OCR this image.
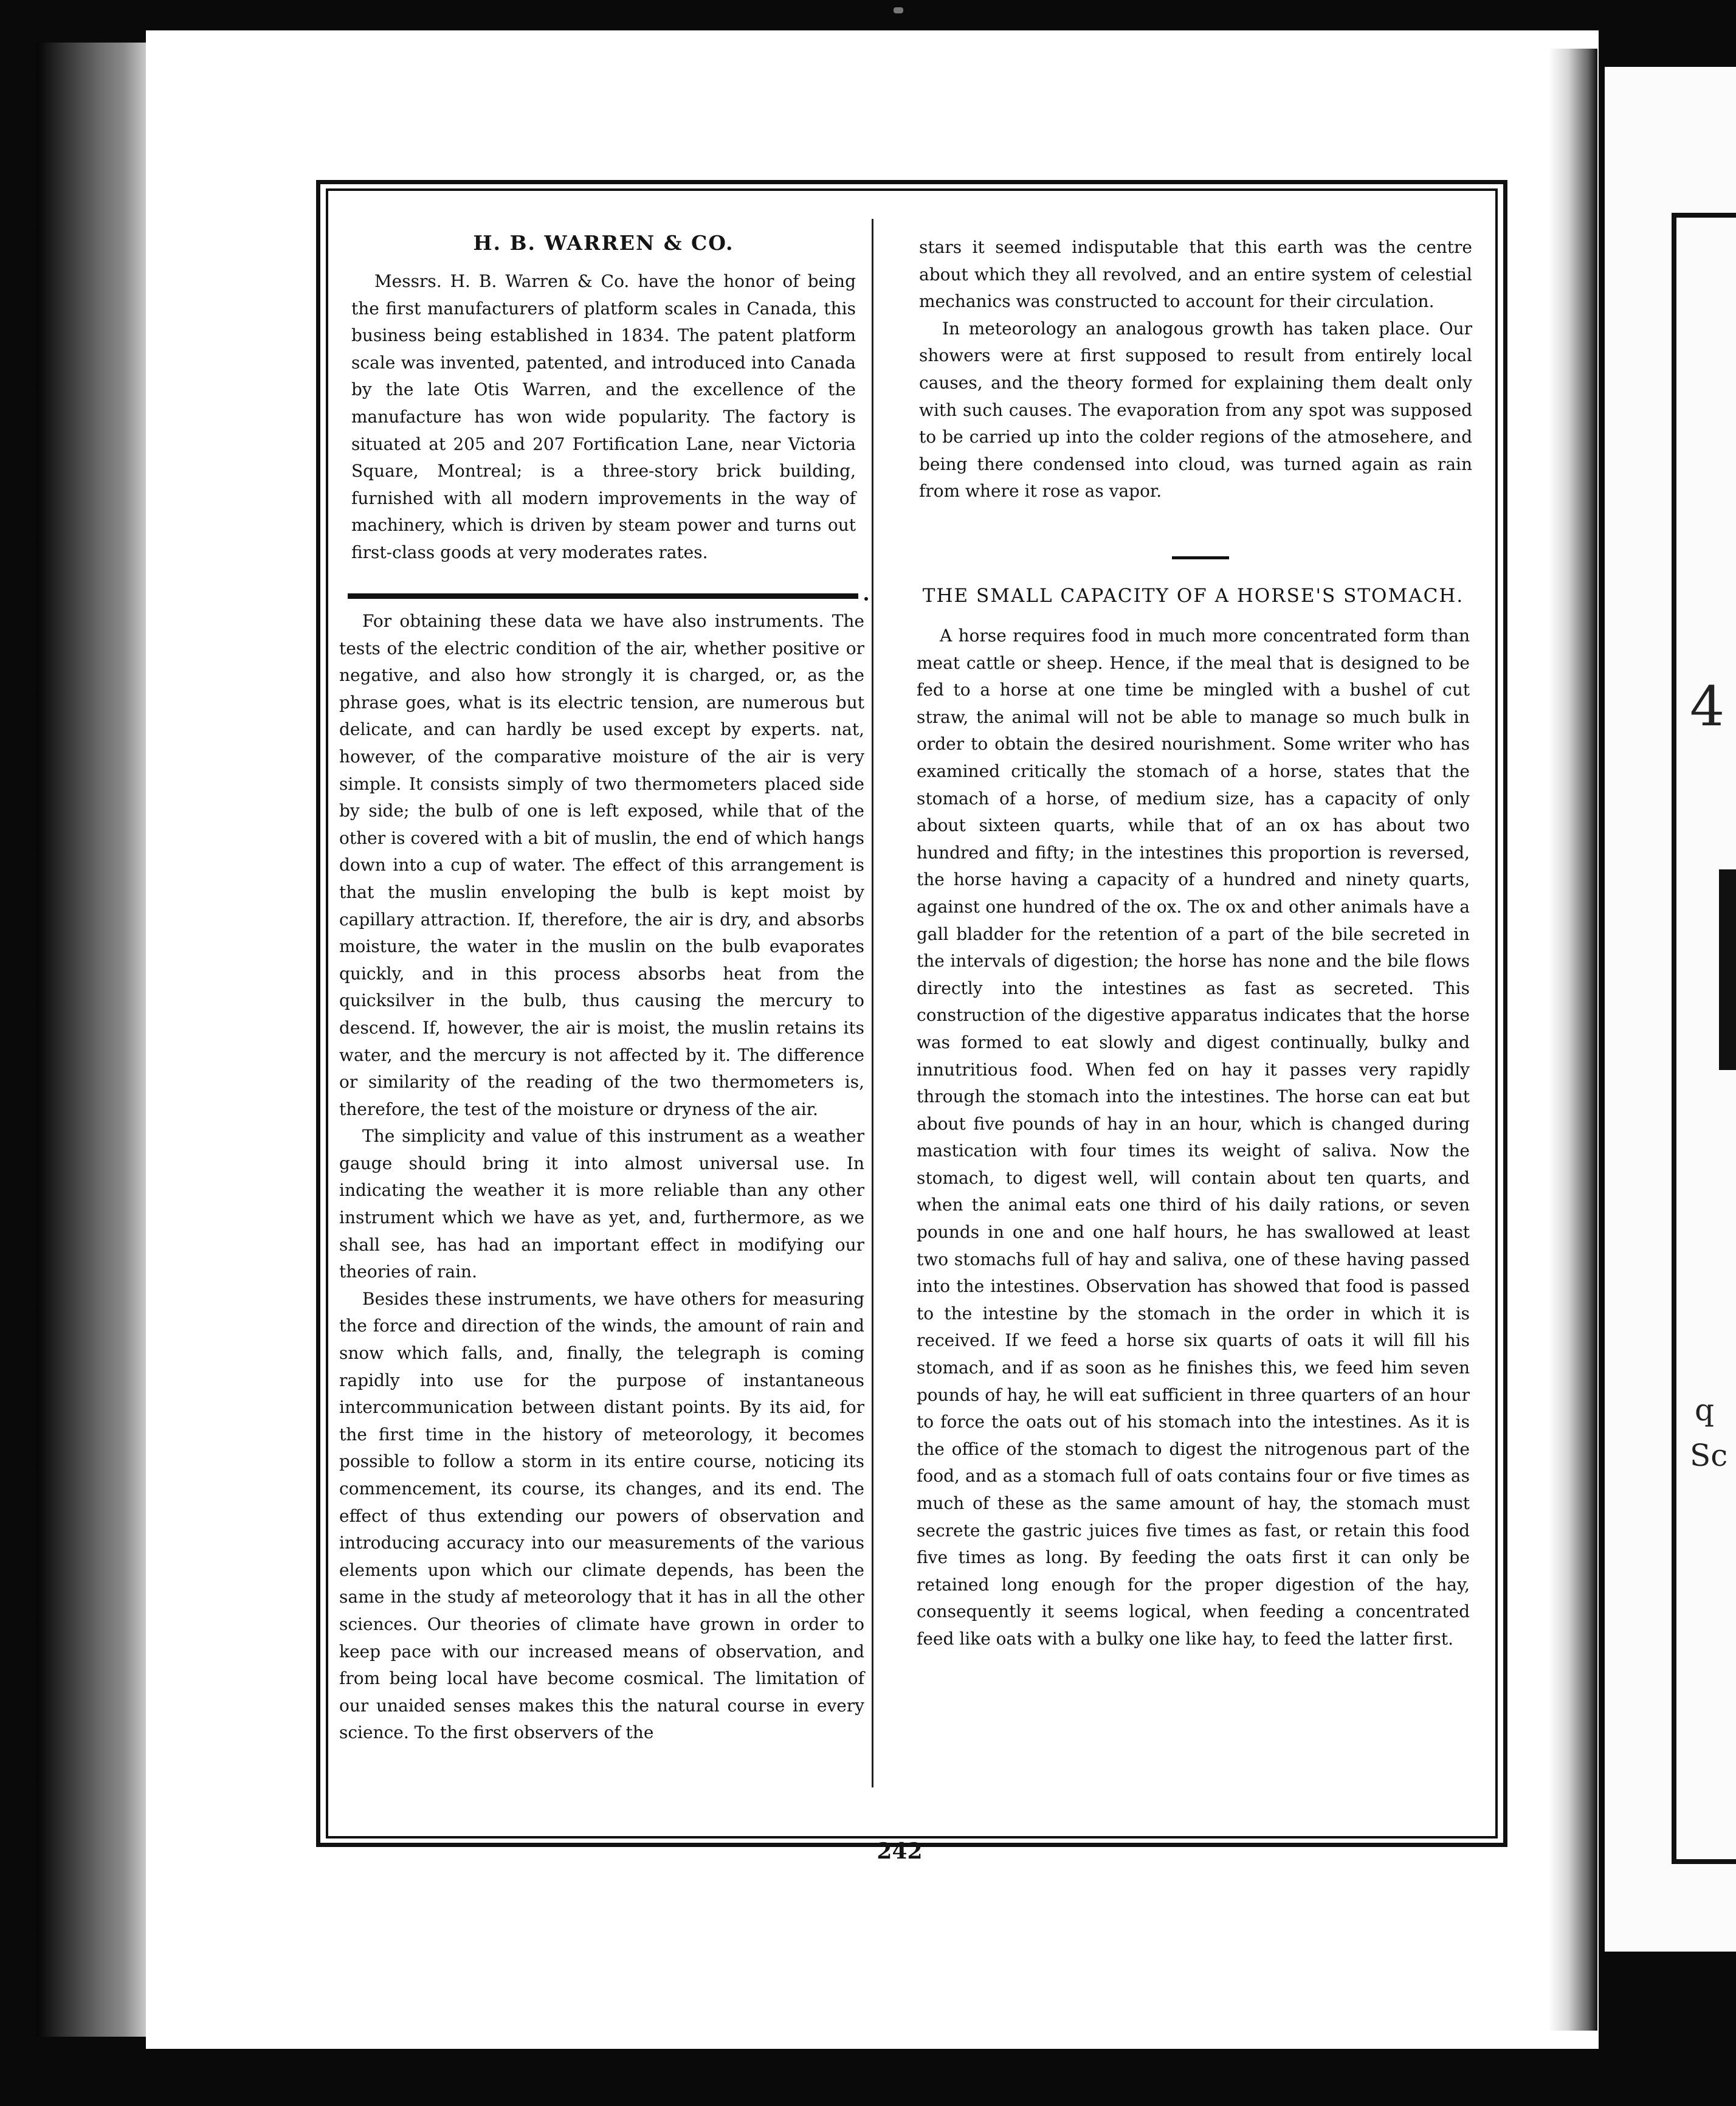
4
q
Sc
H. B. WARREN & CO.

Messrs. H. B. Warren & Co. have the honor of being the first manufacturers of platform scales in Canada, this business being established in 1834. The patent platform scale was invented, patented, and introduced into Canada by the late Otis Warren, and the excellence of the manufacture has won wide popularity. The factory is situated at 205 and 207 Fortification Lane, near Victoria Square, Montreal; is a three-story brick building, furnished with all modern improvements in the way of machinery, which is driven by steam power and turns out first-class goods at very moderates rates.

For obtaining these data we have also instruments. The tests of the electric condition of the air, whether positive or negative, and also how strongly it is charged, or, as the phrase goes, what is its electric tension, are numerous but delicate, and can hardly be used except by experts. nat, however, of the comparative moisture of the air is very simple. It consists simply of two thermometers placed side by side; the bulb of one is left exposed, while that of the other is covered with a bit of muslin, the end of which hangs down into a cup of water. The effect of this arrangement is that the muslin enveloping the bulb is kept moist by capillary attraction. If, therefore, the air is dry, and absorbs moisture, the water in the muslin on the bulb evaporates quickly, and in this process absorbs heat from the quicksilver in the bulb, thus causing the mercury to descend. If, however, the air is moist, the muslin retains its water, and the mercury is not affected by it. The difference or similarity of the reading of the two thermometers is, therefore, the test of the moisture or dryness of the air.

The simplicity and value of this instrument as a weather gauge should bring it into almost universal use. In indicating the weather it is more reliable than any other instrument which we have as yet, and, furthermore, as we shall see, has had an important effect in modifying our theories of rain.

Besides these instruments, we have others for measuring the force and direction of the winds, the amount of rain and snow which falls, and, finally, the telegraph is coming rapidly into use for the purpose of instantaneous intercommunication between distant points. By its aid, for the first time in the history of meteorology, it becomes possible to follow a storm in its entire course, noticing its commencement, its course, its changes, and its end. The effect of thus extending our powers of observation and introducing accuracy into our measurements of the various elements upon which our climate depends, has been the same in the study af meteorology that it has in all the other sciences. Our theories of climate have grown in order to keep pace with our increased means of observation, and from being local have become cosmical. The limitation of our unaided senses makes this the natural course in every science. To the first observers of the

stars it seemed indisputable that this earth was the centre about which they all revolved, and an entire system of celestial mechanics was constructed to account for their circulation.

In meteorology an analogous growth has taken place. Our showers were at first supposed to result from entirely local causes, and the theory formed for explaining them dealt only with such causes. The evaporation from any spot was supposed to be carried up into the colder regions of the atmosehere, and being there condensed into cloud, was turned again as rain from where it rose as vapor.

THE SMALL CAPACITY OF A HORSE'S STOMACH.

A horse requires food in much more concentrated form than meat cattle or sheep. Hence, if the meal that is designed to be fed to a horse at one time be mingled with a bushel of cut straw, the animal will not be able to manage so much bulk in order to obtain the desired nourishment. Some writer who has examined critically the stomach of a horse, states that the stomach of a horse, of medium size, has a capacity of only about sixteen quarts, while that of an ox has about two hundred and fifty; in the intestines this proportion is reversed, the horse having a capacity of a hundred and ninety quarts, against one hundred of the ox. The ox and other animals have a gall bladder for the retention of a part of the bile secreted in the intervals of digestion; the horse has none and the bile flows directly into the intestines as fast as secreted. This construction of the digestive apparatus indicates that the horse was formed to eat slowly and digest continually, bulky and innutritious food. When fed on hay it passes very rapidly through the stomach into the intestines. The horse can eat but about five pounds of hay in an hour, which is changed during mastication with four times its weight of saliva. Now the stomach, to digest well, will contain about ten quarts, and when the animal eats one third of his daily rations, or seven pounds in one and one half hours, he has swallowed at least two stomachs full of hay and saliva, one of these having passed into the intestines. Observation has showed that food is passed to the intestine by the stomach in the order in which it is received. If we feed a horse six quarts of oats it will fill his stomach, and if as soon as he finishes this, we feed him seven pounds of hay, he will eat sufficient in three quarters of an hour to force the oats out of his stomach into the intestines. As it is the office of the stomach to digest the nitrogenous part of the food, and as a stomach full of oats contains four or five times as much of these as the same amount of hay, the stomach must secrete the gastric juices five times as fast, or retain this food five times as long. By feeding the oats first it can only be retained long enough for the proper digestion of the hay, consequently it seems logical, when feeding a concentrated feed like oats with a bulky one like hay, to feed the latter first.

242
